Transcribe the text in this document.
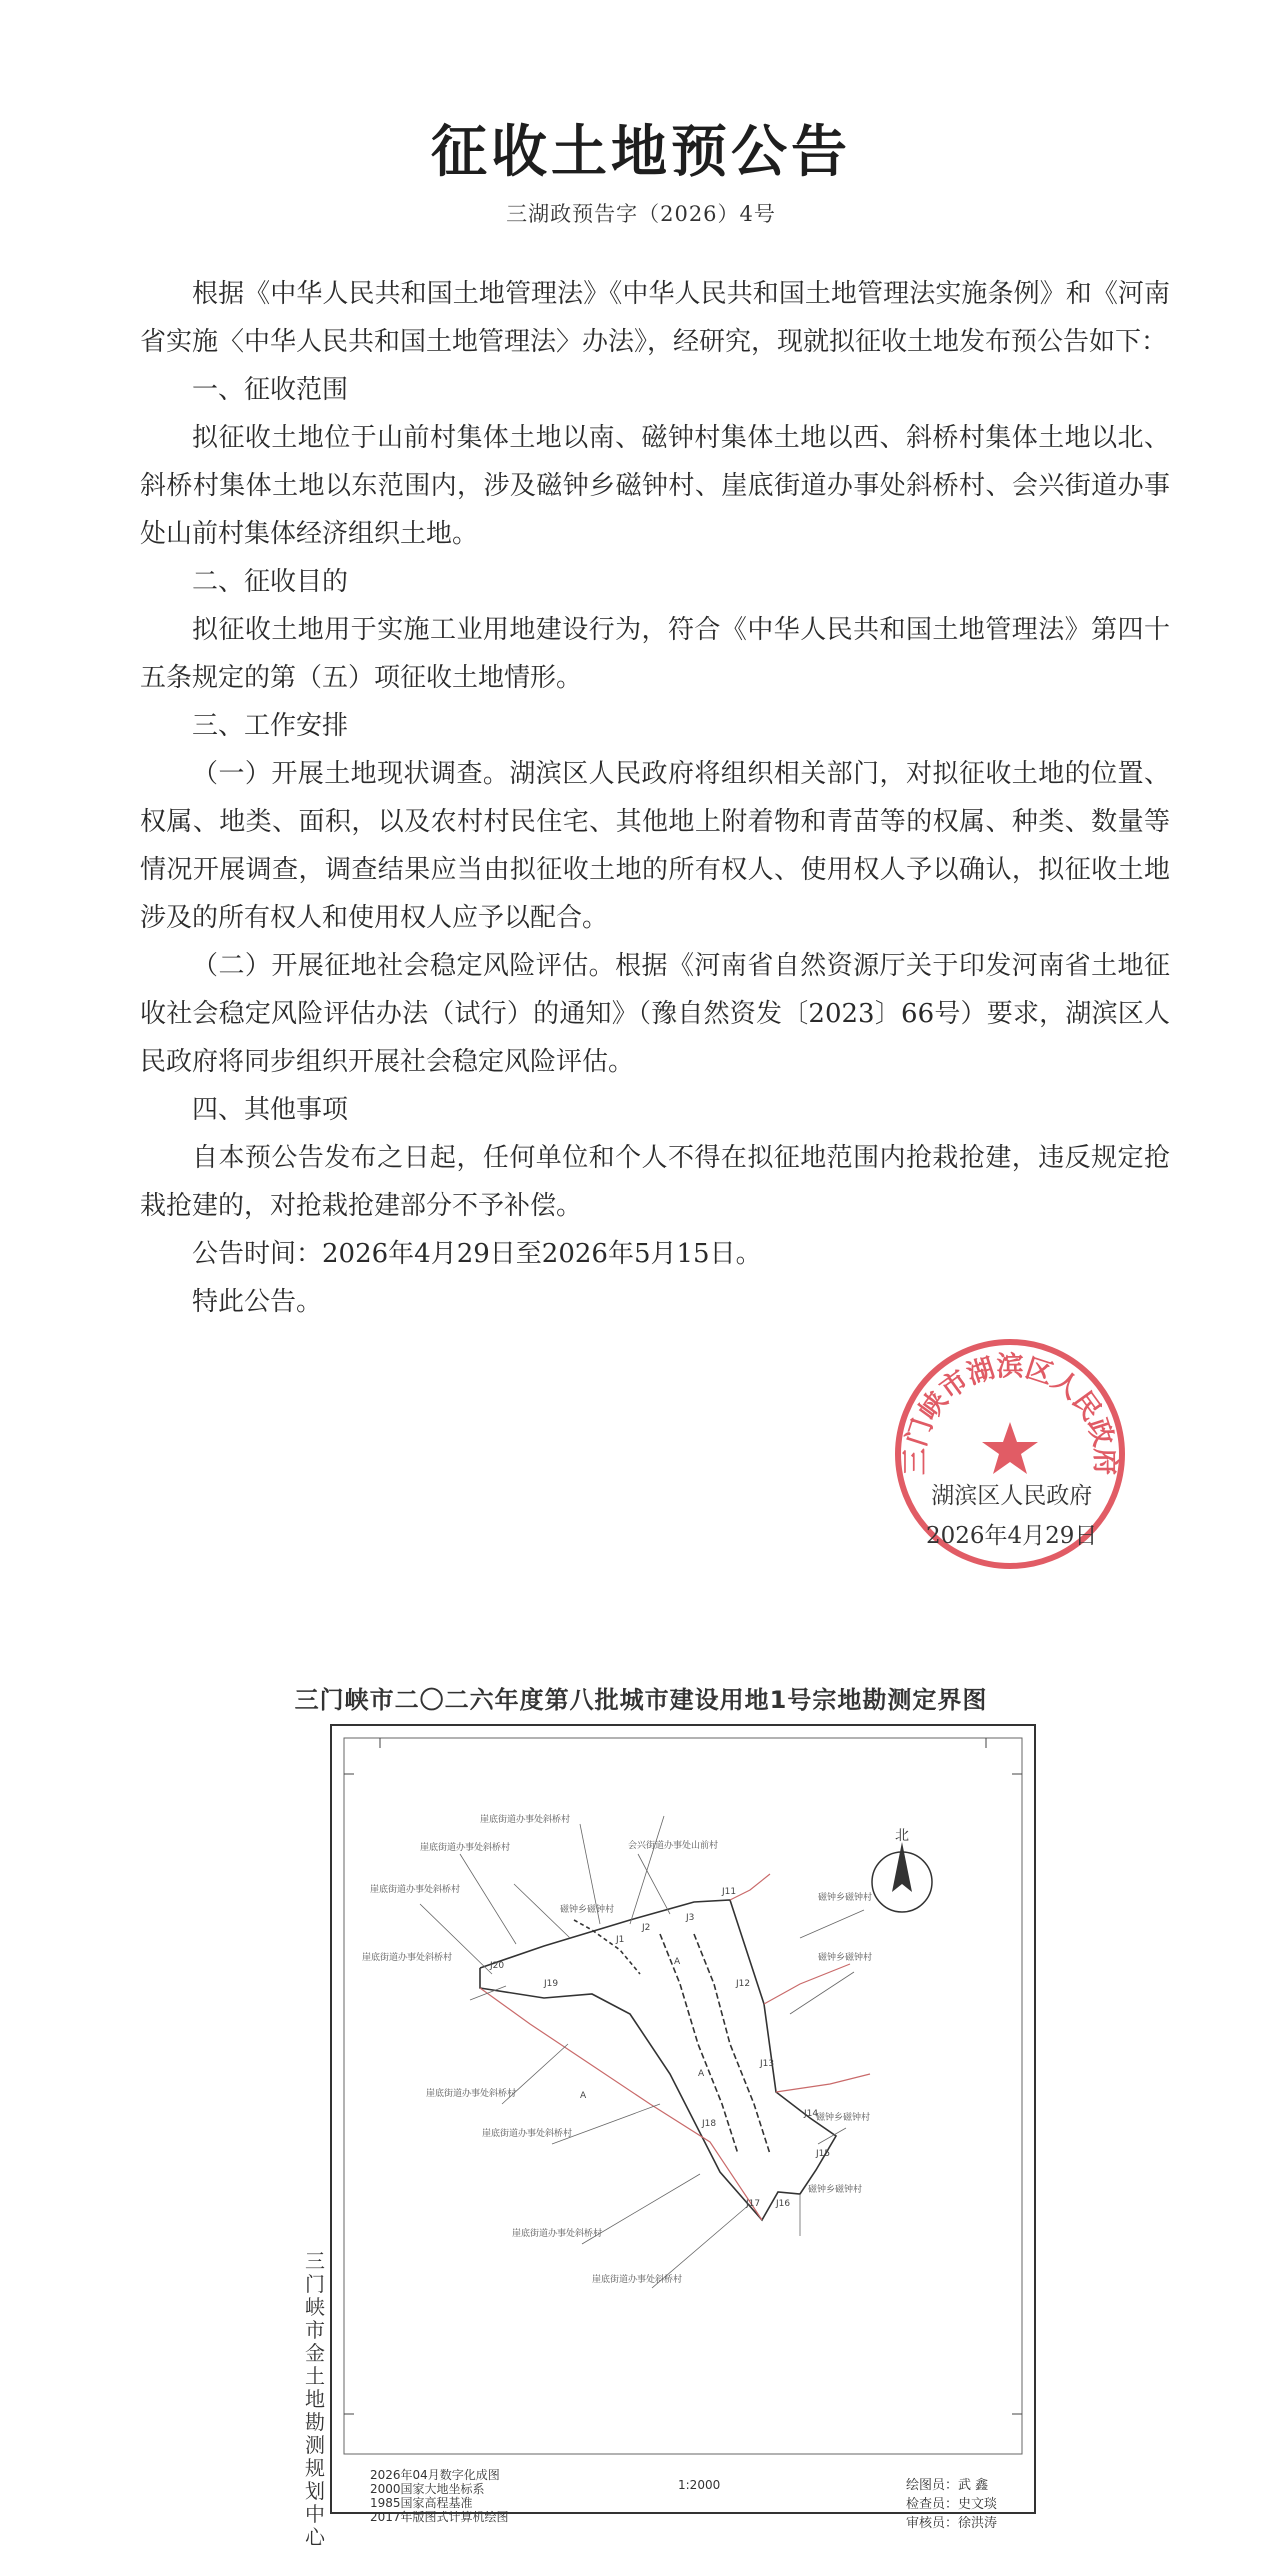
征收土地预公告
三湖政预告字（2026）4号

根据《中华人民共和国土地管理法》《中华人民共和国土地管理法实施条例》和《河南省实施〈中华人民共和国土地管理法〉办法》，经研究，现就拟征收土地发布预公告如下：

一、征收范围

拟征收土地位于山前村集体土地以南、磁钟村集体土地以西、斜桥村集体土地以北、斜桥村集体土地以东范围内，涉及磁钟乡磁钟村、崖底街道办事处斜桥村、会兴街道办事处山前村集体经济组织土地。

二、征收目的

拟征收土地用于实施工业用地建设行为，符合《中华人民共和国土地管理法》第四十五条规定的第（五）项征收土地情形。

三、工作安排

（一）开展土地现状调查。湖滨区人民政府将组织相关部门，对拟征收土地的位置、权属、地类、面积，以及农村村民住宅、其他地上附着物和青苗等的权属、种类、数量等情况开展调查，调查结果应当由拟征收土地的所有权人、使用权人予以确认，拟征收土地涉及的所有权人和使用权人应予以配合。

（二）开展征地社会稳定风险评估。根据《河南省自然资源厅关于印发河南省土地征收社会稳定风险评估办法（试行）的通知》（豫自然资发〔2023〕66号）要求，湖滨区人民政府将同步组织开展社会稳定风险评估。

四、其他事项

自本预公告发布之日起，任何单位和个人不得在拟征地范围内抢栽抢建，违反规定抢栽抢建的，对抢栽抢建部分不予补偿。

公告时间：2026年4月29日至2026年5月15日。

特此公告。

三门峡市湖滨区人民政府
湖滨区人民政府
2026年4月29日
三门峡市二〇二六年度第八批城市建设用地1号宗地勘测定界图
北
J1
J2
J3
J11
J12
J13
J14
J15
J16
J17
J18
J19
J20	A
A
A
崖底街道办事处斜桥村
崖底街道办事处斜桥村	会兴街道办事处山前村
崖底街道办事处斜桥村
崖底街道办事处斜桥村
磁钟乡磁钟村
磁钟乡磁钟村
崖底街道办事处斜桥村
磁钟乡磁钟村
崖底街道办事处斜桥村
磁钟乡磁钟村
崖底街道办事处斜桥村
磁钟乡磁钟村
崖底街道办事处斜桥村
三门峡市金土地勘测规划中心
2026年04月数字化成图
2000国家大地坐标系
1985国家高程基准
2017年版图式计算机绘图
1:2000	绘图员：武 鑫
检查员：史文琰
审核员：徐洪涛
